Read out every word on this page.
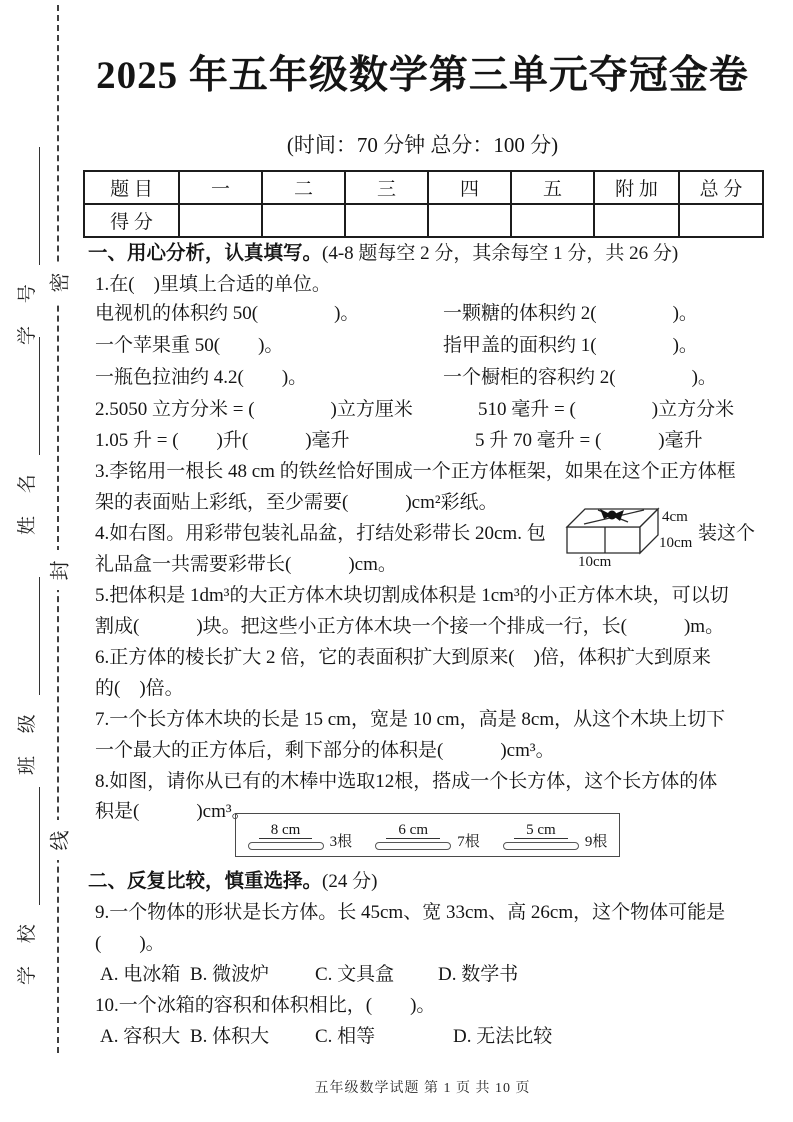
密
封
线
学 号
姓 名
班 级
学 校
2025 年五年级数学第三单元夺冠金卷
(时间：70 分钟 总分：100 分)
题 目	一	二	三	四	五	附 加	总 分
得 分							
一、用心分析，认真填写。(4-8 题每空 2 分，其余每空 1 分，共 26 分)
1.在(　)里填上合适的单位。
电视机的体积约 50(　　　　)。	一颗糖的体积约 2(　　　　)。
一个苹果重 50(　　)。	指甲盖的面积约 1(　　　　)。
一瓶色拉油约 4.2(　　)。	一个橱柜的容积约 2(　　　　)。
2.5050 立方分米 = (　　　　)立方厘米	510 毫升 = (　　　　)立方分米
1.05 升 = (　　)升(　　　)毫升	5 升 70 毫升 = (　　　)毫升
3.李铭用一根长 48 cm 的铁丝恰好围成一个正方体框架，如果在这个正方体框
架的表面贴上彩纸，至少需要(　　　)cm²彩纸。
4.如右图。用彩带包装礼品盆，打结处彩带长 20cm. 包	装这个
礼品盒一共需要彩带长(　　　)cm。
4cm
10cm
10cm
5.把体积是 1dm³的大正方体木块切割成体积是 1cm³的小正方体木块，可以切
割成(　　　)块。把这些小正方体木块一个接一个排成一行，长(　　　)m。
6.正方体的棱长扩大 2 倍，它的表面积扩大到原来(　)倍，体积扩大到原来
的(　)倍。
7.一个长方体木块的长是 15 cm，宽是 10 cm，高是 8cm，从这个木块上切下
一个最大的正方体后，剩下部分的体积是(　　　)cm³。
8.如图，请你从已有的木棒中选取12根，搭成一个长方体，这个长方体的体
积是(　　　)cm³。
8 cm
3根
6 cm
7根
5 cm
9根
二、反复比较，慎重选择。(24 分)
9.一个物体的形状是长方体。长 45cm、宽 33cm、高 26cm，这个物体可能是
(　　)。
A. 电冰箱 B. 微波炉 C. 文具盒 D. 数学书
10.一个冰箱的容积和体积相比，(　　)。
A. 容积大 B. 体积大 C. 相等	D. 无法比较
五年级数学试题 第 1 页 共 10 页
